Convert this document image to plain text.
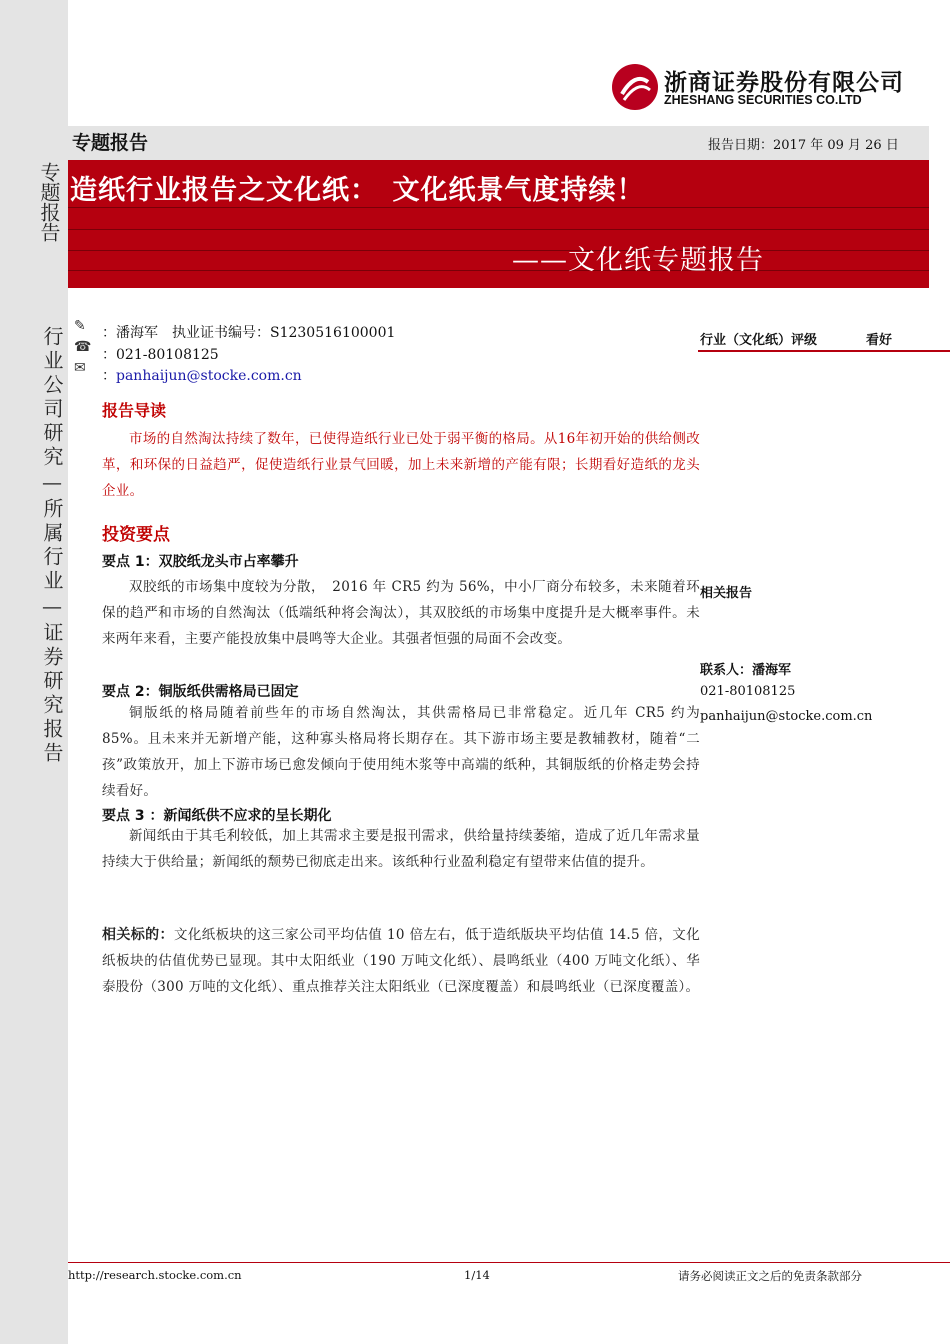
浙商证券股份有限公司
ZHESHANG SECURITIES CO.LTD
专题报告	报告日期：2017 年 09 月 26 日
专题报告 造纸行业报告之文化纸：　文化纸景气度持续！
——文化纸专题报告
行业公司研究—所属行业—证券研究报告 ✎
☎
✉
：潘海军　执业证书编号：S1230516100001
：021-80108125
：panhaijun@stocke.com.cn
行业（文化纸）评级	看好
报告导读
市场的自然淘汰持续了数年，已使得造纸行业已处于弱平衡的格局。从16年初开始的供给侧改革，和环保的日益趋严，促使造纸行业景气回暖，加上未来新增的产能有限；长期看好造纸的龙头企业。
投资要点
要点 1：双胶纸龙头市占率攀升
双胶纸的市场集中度较为分散，　2016 年 CR5 约为 56%，中小厂商分布较多，未来随着环保的趋严和市场的自然淘汰（低端纸种将会淘汰），其双胶纸的市场集中度提升是大概率事件。未来两年来看，主要产能投放集中晨鸣等大企业。其强者恒强的局面不会改变。
要点 2：铜版纸供需格局已固定
铜版纸的格局随着前些年的市场自然淘汰，其供需格局已非常稳定。近几年 CR5 约为 85%。且未来并无新增产能，这种寡头格局将长期存在。其下游市场主要是教辅教材，随着“二孩”政策放开，加上下游市场已愈发倾向于使用纯木浆等中高端的纸种，其铜版纸的价格走势会持续看好。
要点 3 ：新闻纸供不应求的呈长期化
新闻纸由于其毛利较低，加上其需求主要是报刊需求，供给量持续萎缩，造成了近几年需求量持续大于供给量；新闻纸的颓势已彻底走出来。该纸种行业盈利稳定有望带来估值的提升。
相关标的：文化纸板块的这三家公司平均估值 10 倍左右，低于造纸版块平均估值 14.5 倍，文化纸板块的估值优势已显现。其中太阳纸业（190 万吨文化纸）、晨鸣纸业（400 万吨文化纸）、华泰股份（300 万吨的文化纸）、重点推荐关注太阳纸业（已深度覆盖）和晨鸣纸业（已深度覆盖）。
相关报告
联系人：潘海军
021-80108125
panhaijun@stocke.com.cn
http://research.stocke.com.cn	1/14	请务必阅读正文之后的免责条款部分
